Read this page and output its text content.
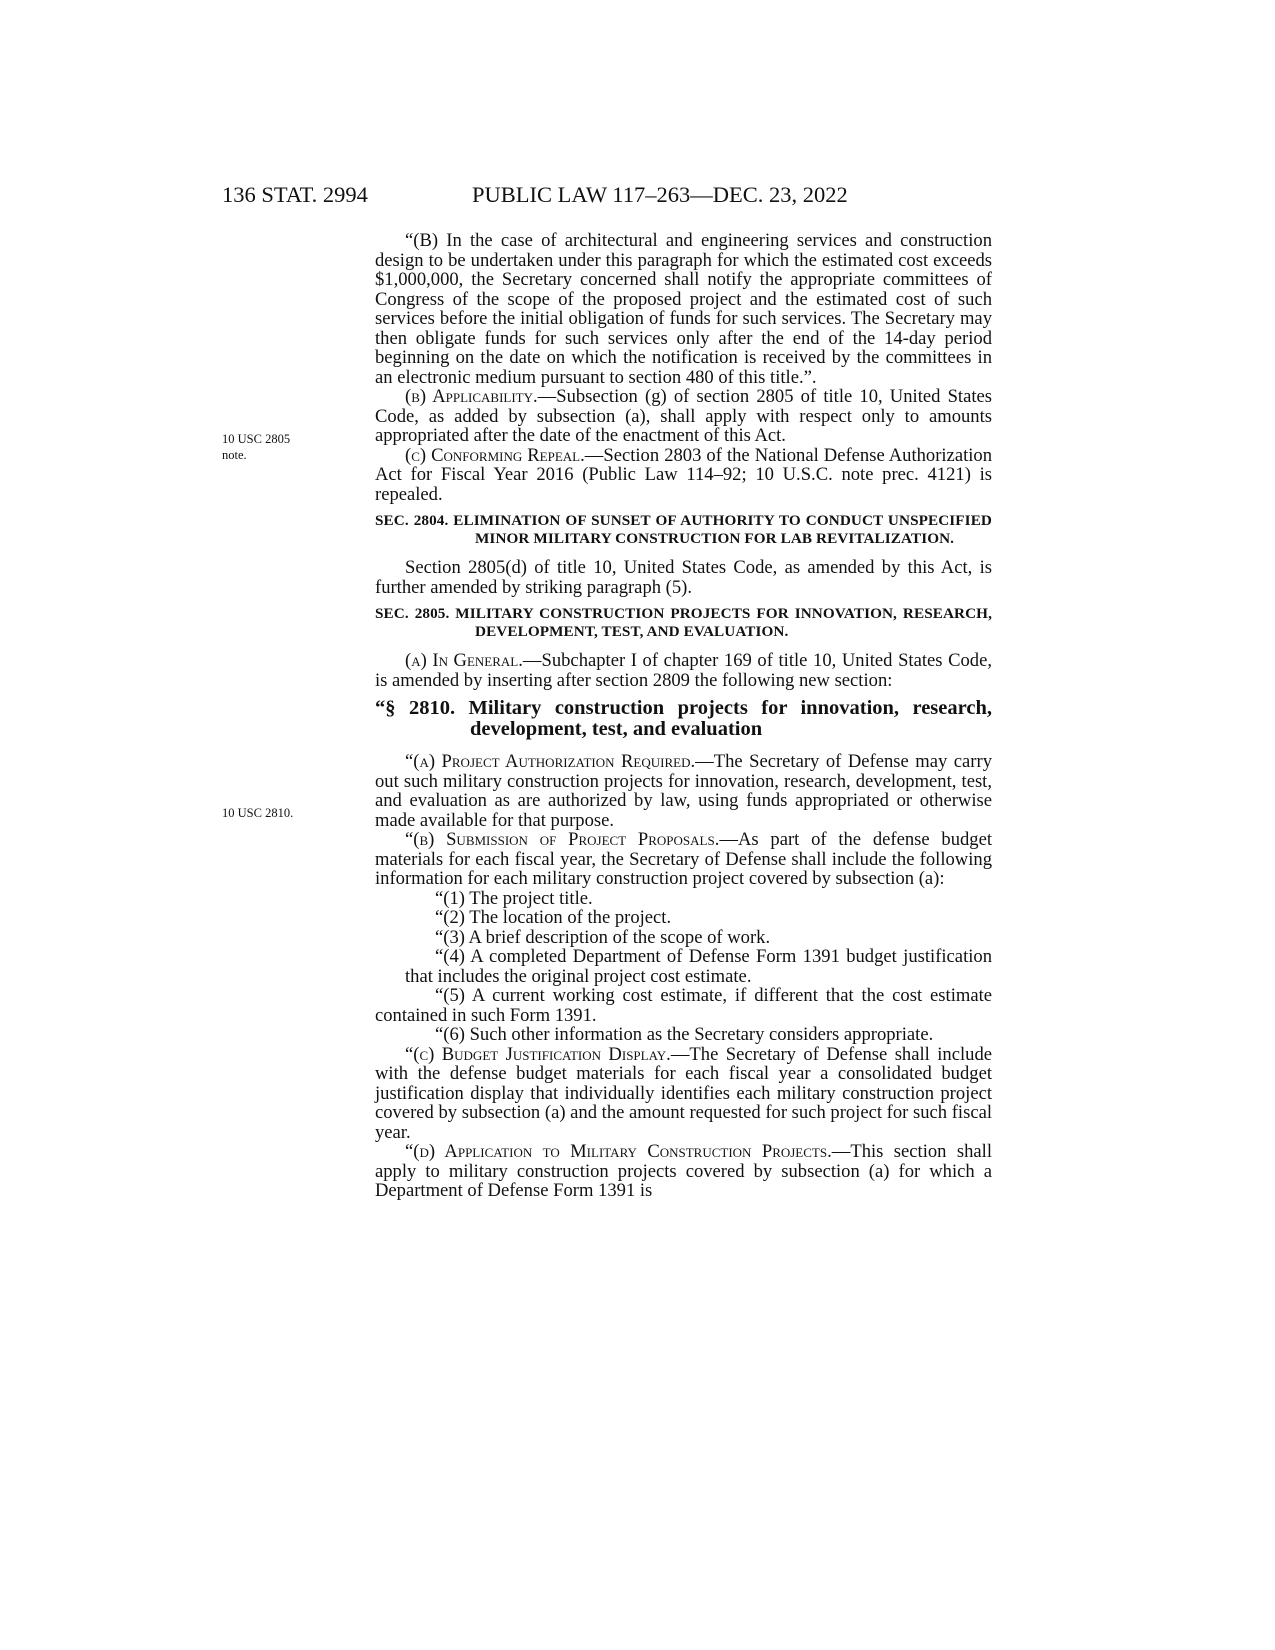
136 STAT. 2994	PUBLIC LAW 117–263—DEC. 23, 2022
10 USC 2805
note.
10 USC 2810.

“(B) In the case of architectural and engineering services and construction design to be undertaken under this paragraph for which the estimated cost exceeds $1,000,000, the Secretary concerned shall notify the appropriate committees of Congress of the scope of the proposed project and the estimated cost of such services before the initial obligation of funds for such services. The Secretary may then obligate funds for such services only after the end of the 14-day period beginning on the date on which the notification is received by the committees in an electronic medium pursuant to section 480 of this title.”.

(b) Applicability.—Subsection (g) of section 2805 of title 10, United States Code, as added by subsection (a), shall apply with respect only to amounts appropriated after the date of the enactment of this Act.

(c) Conforming Repeal.—Section 2803 of the National Defense Authorization Act for Fiscal Year 2016 (Public Law 114–92; 10 U.S.C. note prec. 4121) is repealed.

SEC. 2804. ELIMINATION OF SUNSET OF AUTHORITY TO CONDUCT UNSPECIFIED MINOR MILITARY CONSTRUCTION FOR LAB REVITALIZATION.

Section 2805(d) of title 10, United States Code, as amended by this Act, is further amended by striking paragraph (5).

SEC. 2805. MILITARY CONSTRUCTION PROJECTS FOR INNOVATION, RESEARCH, DEVELOPMENT, TEST, AND EVALUATION.

(a) In General.—Subchapter I of chapter 169 of title 10, United States Code, is amended by inserting after section 2809 the following new section:

“§ 2810. Military construction projects for innovation, research, development, test, and evaluation

“(a) Project Authorization Required.—The Secretary of Defense may carry out such military construction projects for innovation, research, development, test, and evaluation as are authorized by law, using funds appropriated or otherwise made available for that purpose.

“(b) Submission of Project Proposals.—As part of the defense budget materials for each fiscal year, the Secretary of Defense shall include the following information for each military construction project covered by subsection (a):

“(1) The project title.

“(2) The location of the project.

“(3) A brief description of the scope of work.

“(4) A completed Department of Defense Form 1391 budget justification that includes the original project cost estimate.

“(5) A current working cost estimate, if different that the cost estimate contained in such Form 1391.

“(6) Such other information as the Secretary considers appropriate.

“(c) Budget Justification Display.—The Secretary of Defense shall include with the defense budget materials for each fiscal year a consolidated budget justification display that individually identifies each military construction project covered by subsection (a) and the amount requested for such project for such fiscal year.

“(d) Application to Military Construction Projects.—This section shall apply to military construction projects covered by subsection (a) for which a Department of Defense Form 1391 is
